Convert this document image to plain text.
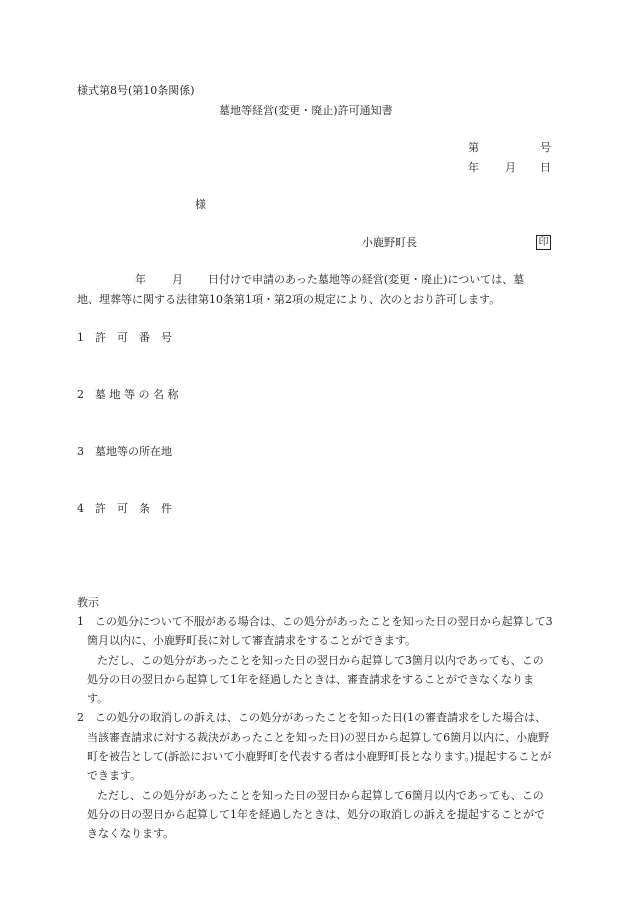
様式第8号(第10条関係)
墓地等経営(変更・廃止)許可通知書
第	号
年 月 日
様
小鹿野町長	印
年 月 日付けで申請のあった墓地等の経営(変更・廃止)については、墓
地、埋葬等に関する法律第10条第1項・第2項の規定により、次のとおり許可します。
1 許　可　番　号
2 墓 地 等 の 名 称
3 墓地等の所在地
4 許　可　条　件
教示
1　この処分について不服がある場合は、この処分があったことを知った日の翌日から起算して3箇月以内に、小鹿野町長に対して審査請求をすることができます。
ただし、この処分があったことを知った日の翌日から起算して3箇月以内であっても、この処分の日の翌日から起算して1年を経過したときは、審査請求をすることができなくなります。
2　この処分の取消しの訴えは、この処分があったことを知った日(1の審査請求をした場合は、当該審査請求に対する裁決があったことを知った日)の翌日から起算して6箇月以内に、小鹿野町を被告として(訴訟において小鹿野町を代表する者は小鹿野町長となります。)提起することができます。
ただし、この処分があったことを知った日の翌日から起算して6箇月以内であっても、この処分の日の翌日から起算して1年を経過したときは、処分の取消しの訴えを提起することができなくなります。
